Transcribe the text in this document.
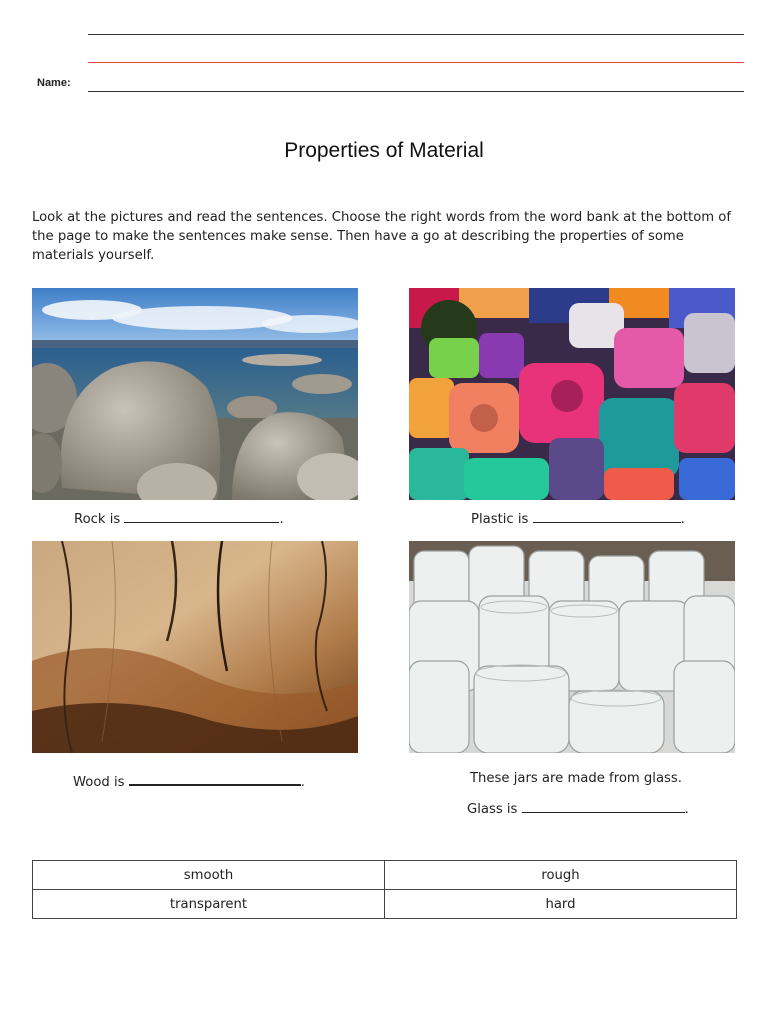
Name:
Properties of Material
Look at the pictures and read the sentences. Choose the right words from the word bank at the bottom of the page to make the sentences make sense. Then have a go at describing the properties of some materials yourself.
Rock is	.	Plastic is	.
Wood is	.	These jars are made from glass.
Glass is	.
smooth	rough
transparent	hard
